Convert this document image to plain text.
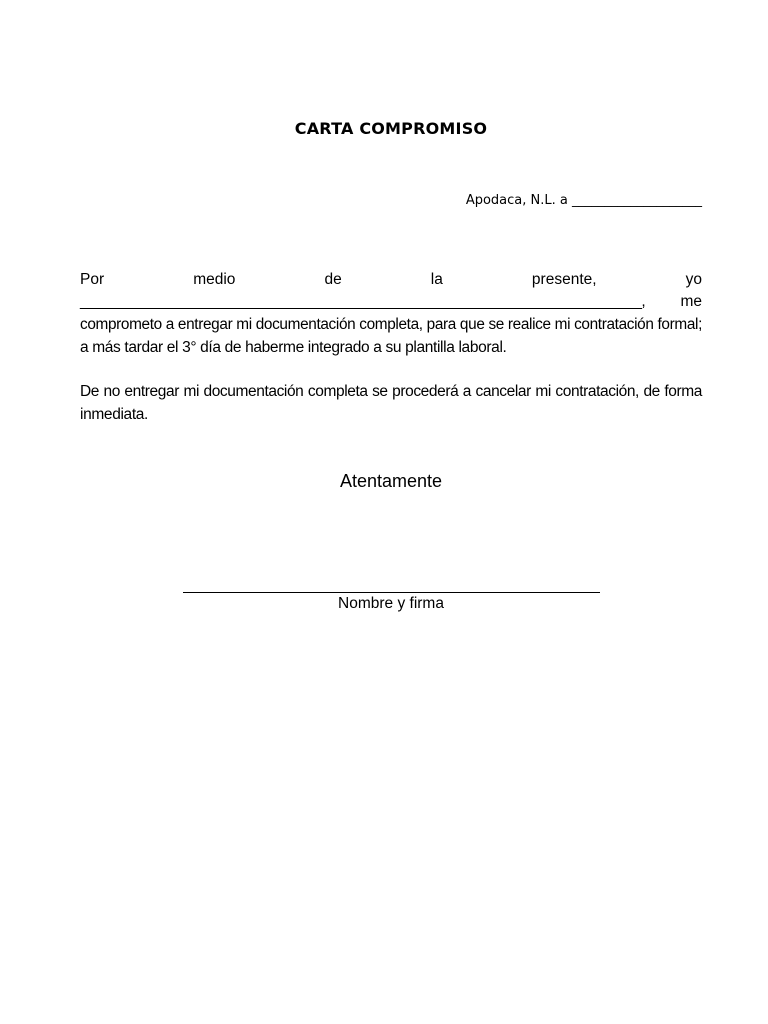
CARTA COMPROMISO

Apodaca, N.L. a ____________________

Por	medio	de	la	presente,	yo
______________________________________________________________________, me
comprometo a entregar mi documentación completa, para que se realice mi contratación formal;
a más tardar el 3° día de haberme integrado a su plantilla laboral.
De no entregar mi documentación completa se procederá a cancelar mi contratación, de forma
inmediata.

Atentamente

Nombre y firma
